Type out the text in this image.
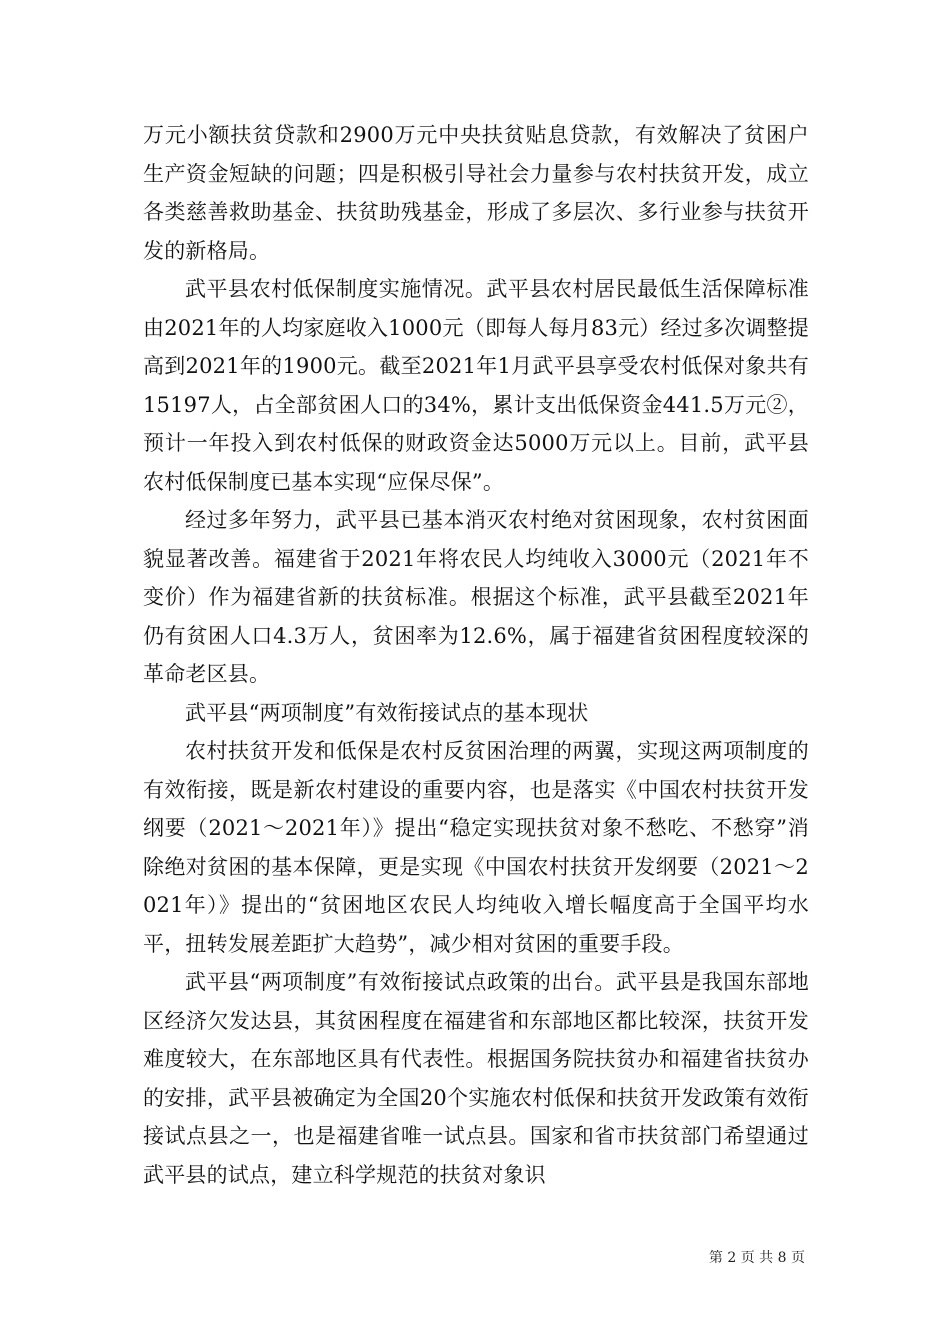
万元小额扶贫贷款和2900万元中央扶贫贴息贷款，有效解决了贫困户生产资金短缺的问题；四是积极引导社会力量参与农村扶贫开发，成立各类慈善救助基金、扶贫助残基金，形成了多层次、多行业参与扶贫开发的新格局。

武平县农村低保制度实施情况。武平县农村居民最低生活保障标准由2021年的人均家庭收入1000元（即每人每月83元）经过多次调整提高到2021年的1900元。截至2021年1月武平县享受农村低保对象共有15197人，占全部贫困人口的34%，累计支出低保资金441.5万元②，预计一年投入到农村低保的财政资金达5000万元以上。目前，武平县农村低保制度已基本实现“应保尽保”。

经过多年努力，武平县已基本消灭农村绝对贫困现象，农村贫困面貌显著改善。福建省于2021年将农民人均纯收入3000元（2021年不变价）作为福建省新的扶贫标准。根据这个标准，武平县截至2021年仍有贫困人口4.3万人，贫困率为12.6%，属于福建省贫困程度较深的革命老区县。

武平县“两项制度”有效衔接试点的基本现状

农村扶贫开发和低保是农村反贫困治理的两翼，实现这两项制度的有效衔接，既是新农村建设的重要内容，也是落实《中国农村扶贫开发纲要（2021～2021年）》提出“稳定实现扶贫对象不愁吃、不愁穿”消除绝对贫困的基本保障，更是实现《中国农村扶贫开发纲要（2021～2021年）》提出的“贫困地区农民人均纯收入增长幅度高于全国平均水平，扭转发展差距扩大趋势”，减少相对贫困的重要手段。

武平县“两项制度”有效衔接试点政策的出台。武平县是我国东部地区经济欠发达县，其贫困程度在福建省和东部地区都比较深，扶贫开发难度较大，在东部地区具有代表性。根据国务院扶贫办和福建省扶贫办的安排，武平县被确定为全国20个实施农村低保和扶贫开发政策有效衔接试点县之一，也是福建省唯一试点县。国家和省市扶贫部门希望通过武平县的试点，建立科学规范的扶贫对象识

第 2 页 共 8 页
